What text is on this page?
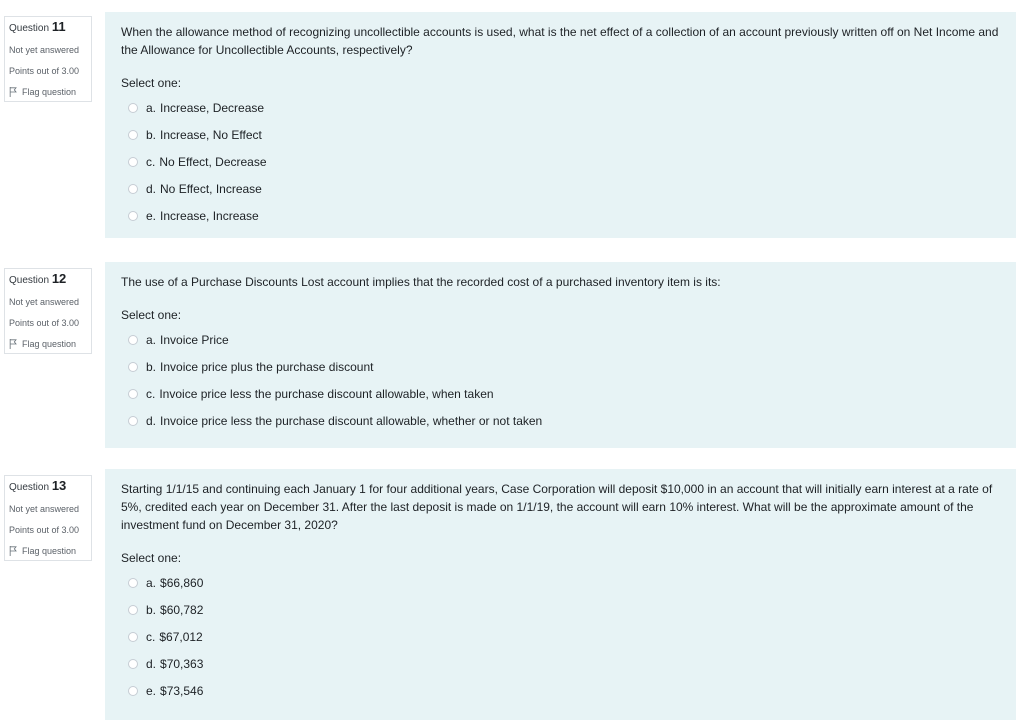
Question 11
Not yet answered
Points out of 3.00
Flag question

When the allowance method of recognizing uncollectible accounts is used, what is the net effect of a collection of an account previously written off on Net Income and the Allowance for Uncollectible Accounts, respectively?

Select one:

a. Increase, Decrease
b. Increase, No Effect
c. No Effect, Decrease
d. No Effect, Increase
e. Increase, Increase
Question 12
Not yet answered
Points out of 3.00
Flag question

The use of a Purchase Discounts Lost account implies that the recorded cost of a purchased inventory item is its:

Select one:

a. Invoice Price
b. Invoice price plus the purchase discount
c. Invoice price less the purchase discount allowable, when taken
d. Invoice price less the purchase discount allowable, whether or not taken
Question 13
Not yet answered
Points out of 3.00
Flag question

Starting 1/1/15 and continuing each January 1 for four additional years, Case Corporation will deposit $10,000 in an account that will initially earn interest at a rate of 5%, credited each year on December 31. After the last deposit is made on 1/1/19, the account will earn 10% interest. What will be the approximate amount of the investment fund on December 31, 2020?

Select one:

a. $66,860
b. $60,782
c. $67,012
d. $70,363
e. $73,546
